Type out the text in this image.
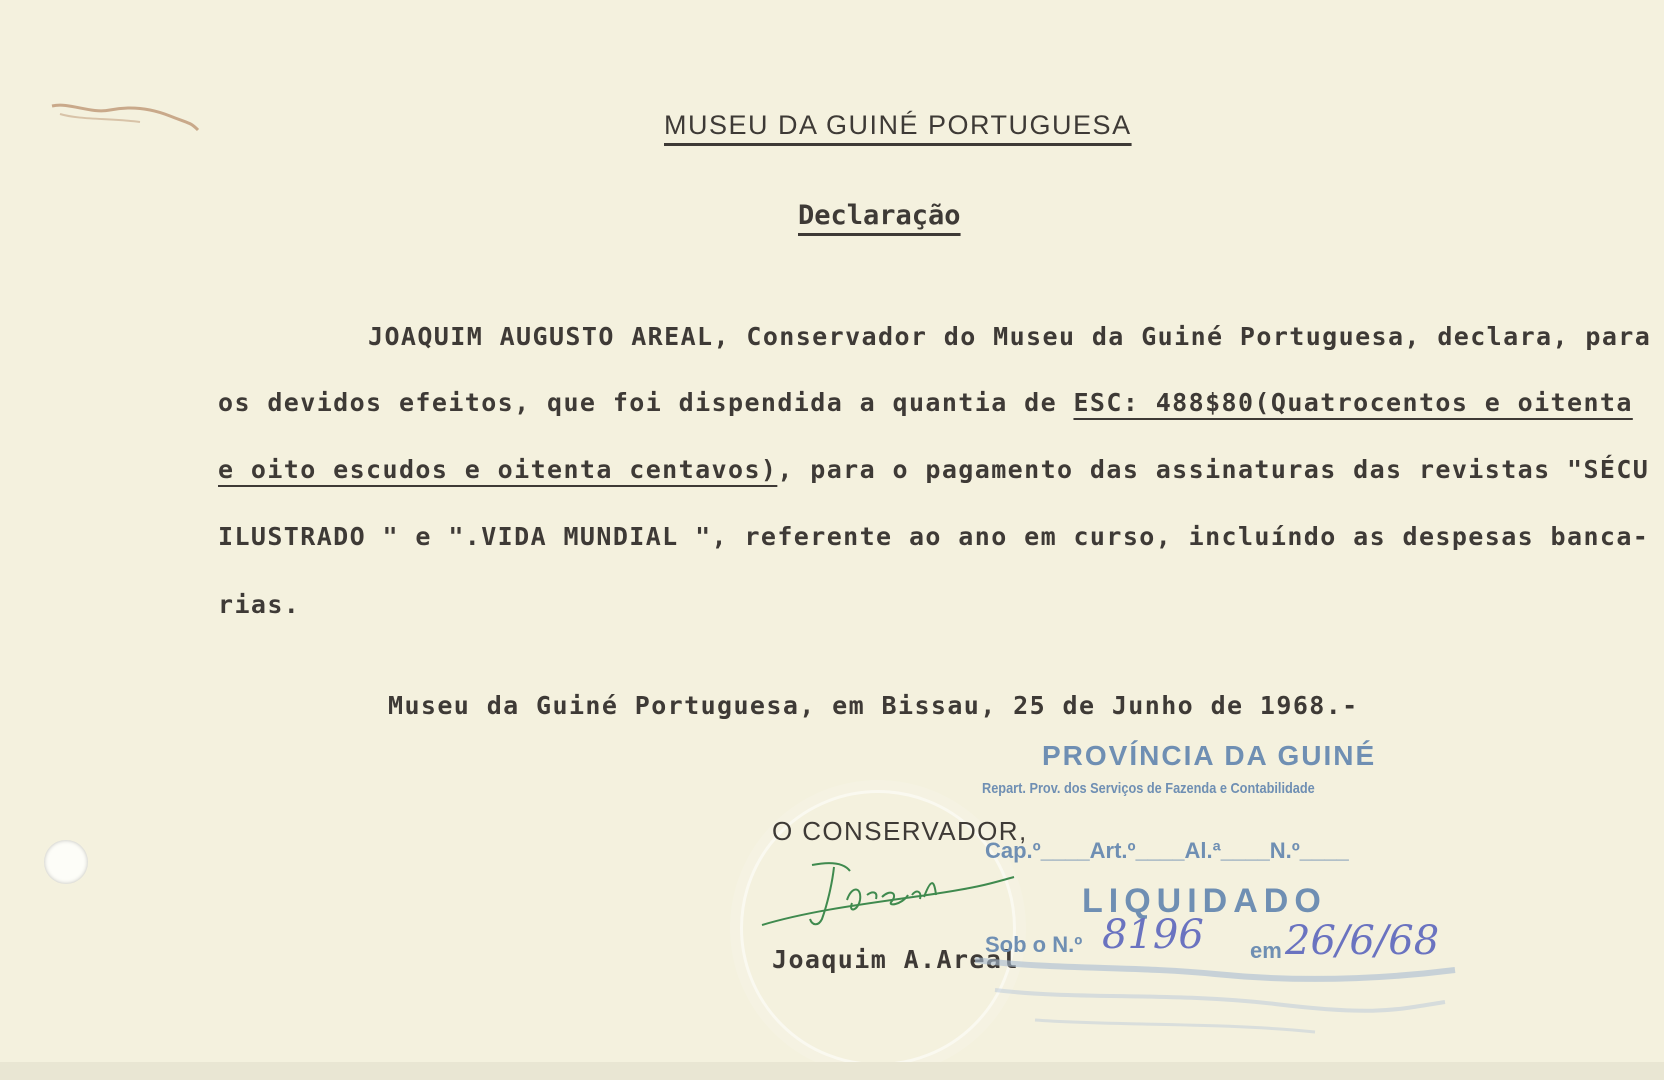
MUSEU DA GUINÉ PORTUGUESA
Declaração
JOAQUIM AUGUSTO AREAL, Conservador do Museu da Guiné Portuguesa, declara, para
os devidos efeitos, que foi dispendida a quantia de ESC: 488$80(Quatrocentos e oitenta
e oito escudos e oitenta centavos), para o pagamento das assinaturas das revistas "SÉCU
ILUSTRADO " e ".VIDA MUNDIAL ", referente ao ano em curso, incluíndo as despesas banca-
rias.
Museu da Guiné Portuguesa, em Bissau, 25 de Junho de 1968.-
O CONSERVADOR,
Joaquim A.Areal
PROVÍNCIA DA GUINÉ
Repart. Prov. dos Serviços de Fazenda e Contabilidade
Cap.º____Art.º____Al.ª____N.º____
LIQUIDADO
Sob o N.º 8196 em 26/6/68
